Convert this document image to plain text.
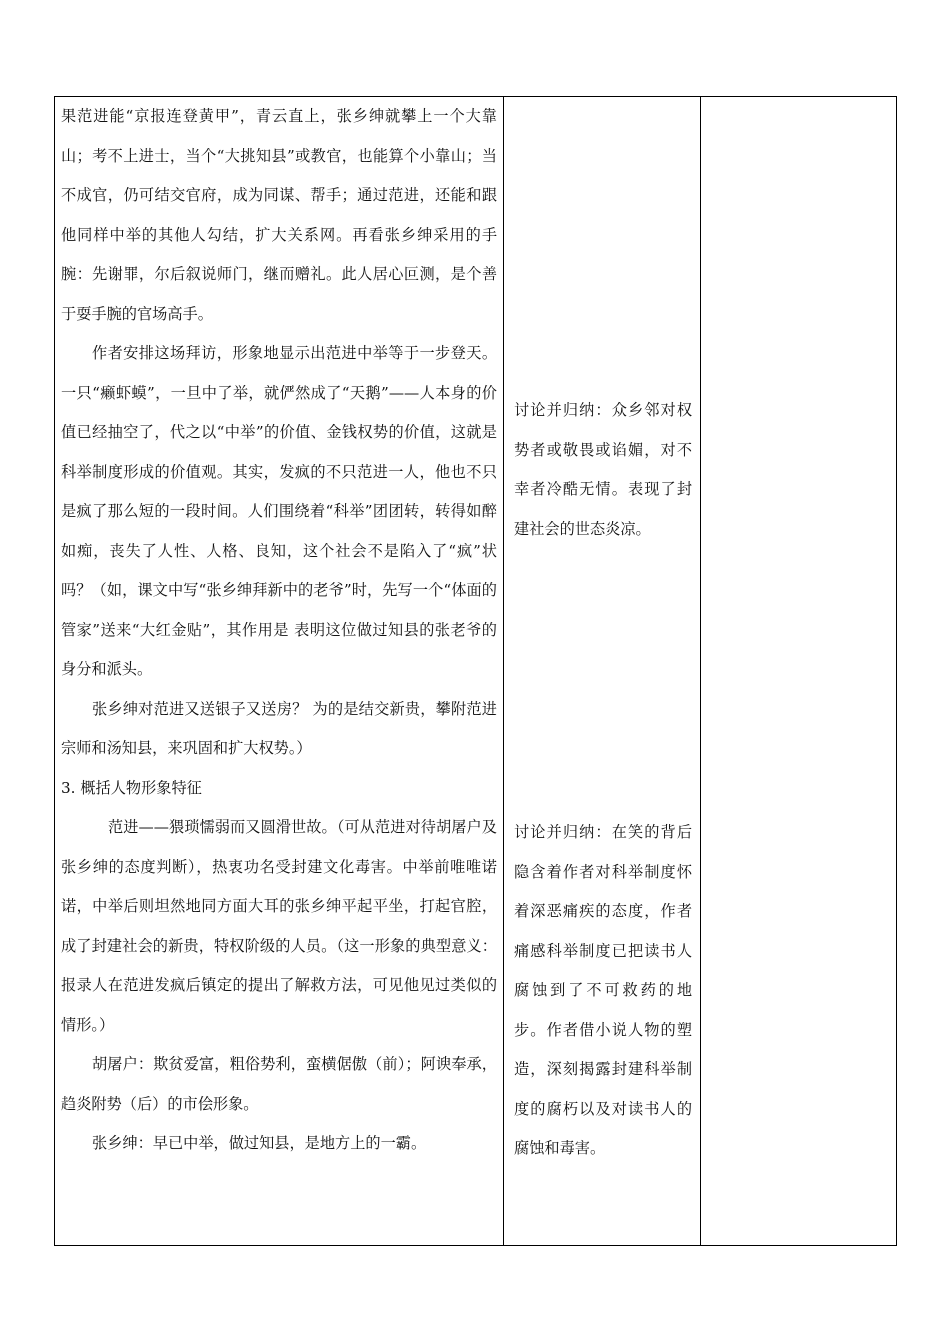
果范进能“京报连登黄甲”，青云直上，张乡绅就攀上一个大靠山；考不上进士，当个“大挑知县”或教官，也能算个小靠山；当不成官，仍可结交官府，成为同谋、帮手；通过范进，还能和跟他同样中举的其他人勾结，扩大关系网。再看张乡绅采用的手腕：先谢罪，尔后叙说师门，继而赠礼。此人居心叵测，是个善于耍手腕的官场高手。

作者安排这场拜访，形象地显示出范进中举等于一步登天。一只“癞虾蟆”，一旦中了举，就俨然成了“天鹅”——人本身的价值已经抽空了，代之以“中举”的价值、金钱权势的价值，这就是科举制度形成的价值观。其实，发疯的不只范进一人，他也不只是疯了那么短的一段时间。人们围绕着“科举”团团转，转得如醉如痴，丧失了人性、人格、良知，这个社会不是陷入了“疯”状吗？（如，课文中写“张乡绅拜新中的老爷”时，先写一个“体面的管家”送来“大红金贴”，其作用是 表明这位做过知县的张老爷的身分和派头。

张乡绅对范进又送银子又送房？ 为的是结交新贵，攀附范进宗师和汤知县，来巩固和扩大权势。）

3. 概括人物形象特征

范进——猥琐懦弱而又圆滑世故。（可从范进对待胡屠户及张乡绅的态度判断），热衷功名受封建文化毒害。中举前唯唯诺诺，中举后则坦然地同方面大耳的张乡绅平起平坐，打起官腔，成了封建社会的新贵，特权阶级的人员。（这一形象的典型意义：报录人在范进发疯后镇定的提出了解救方法，可见他见过类似的情形。）

胡屠户：欺贫爱富，粗俗势利，蛮横倨傲（前）；阿谀奉承，趋炎附势（后）的市侩形象。

张乡绅：早已中举，做过知县，是地方上的一霸。

讨论并归纳：众乡邻对权势者或敬畏或谄媚，对不幸者冷酷无情。表现了封建社会的世态炎凉。
讨论并归纳：在笑的背后隐含着作者对科举制度怀着深恶痛疾的态度，作者痛感科举制度已把读书人腐蚀到了不可救药的地步。作者借小说人物的塑造，深刻揭露封建科举制度的腐朽以及对读书人的腐蚀和毒害。
